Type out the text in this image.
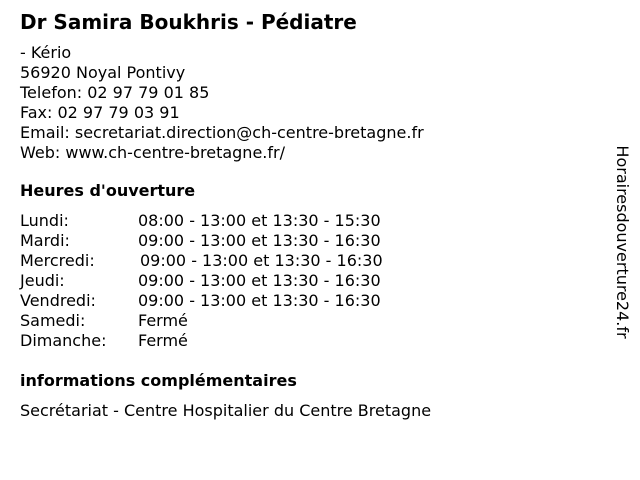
Dr Samira Boukhris - Pédiatre
- Kério
56920 Noyal Pontivy
Telefon: 02 97 79 01 85
Fax: 02 97 79 03 91
Email: secretariat.direction@ch-centre-bretagne.fr
Web: www.ch-centre-bretagne.fr/
Heures d'ouverture
Lundi:	08:00 - 13:00 et 13:30 - 15:30
Mardi:	09:00 - 13:00 et 13:30 - 16:30
Mercredi:	09:00 - 13:00 et 13:30 - 16:30
Jeudi:	09:00 - 13:00 et 13:30 - 16:30
Vendredi:	09:00 - 13:00 et 13:30 - 16:30
Samedi:	Fermé
Dimanche:	Fermé
informations complémentaires
Secrétariat - Centre Hospitalier du Centre Bretagne
Horairesdouverture24.fr
